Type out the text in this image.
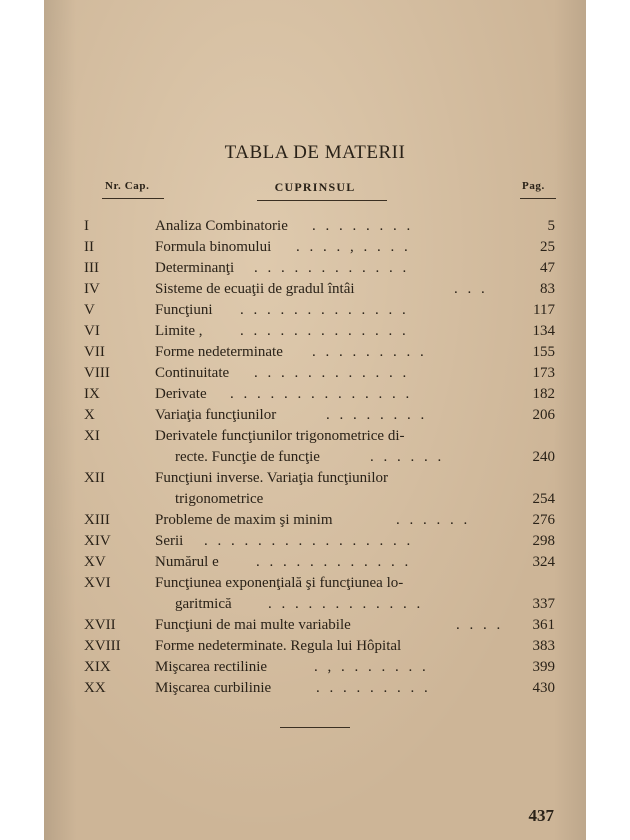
TABLA DE MATERII
Nr. Cap.	CUPRINSUL	Pag.
I	Analiza Combinatorie . . . . . . . .	5
II	Formula binomului . . . . , . . . .	25
III	Determinanţi . . . . . . . . . . . .	47
IV	Sisteme de ecuaţii de gradul întâi	. . .	83
V	Funcţiuni . . . . . . . . . . . . .	117
VI	Limite ,	. . . . . . . . . . . . .	134
VII	Forme nedeterminate . . . . . . . . .	155
VIII	Continuitate . . . . . . . . . . . .	173
IX	Derivate . . . . . . . . . . . . . .	182
X	Variaţia funcţiunilor	. . . . . . . .	206
XI	Derivatele funcţiunilor trigonometrice di-
recte. Funcţie de funcţie	. . . . . .	240
XII	Funcţiuni inverse. Variaţia funcţiunilor
trigonometrice	254
XIII	Probleme de maxim şi minim	. . . . . .	276
XIV	Serii . . . . . . . . . . . . . . . .	298
XV	Numărul e . . . . . . . . . . . .	324
XVI	Funcţiunea exponenţială şi funcţiunea lo-
garitmică . . . . . . . . . . . .	337
XVII	Funcţiuni de mai multe variabile	. . . . 361
XVIII Forme nedeterminate. Regula lui Hôpital	383
XIX	Mişcarea rectilinie	. , . . . . . . .	399
XX	Mişcarea curbilinie	. . . . . . . . .	430
437
